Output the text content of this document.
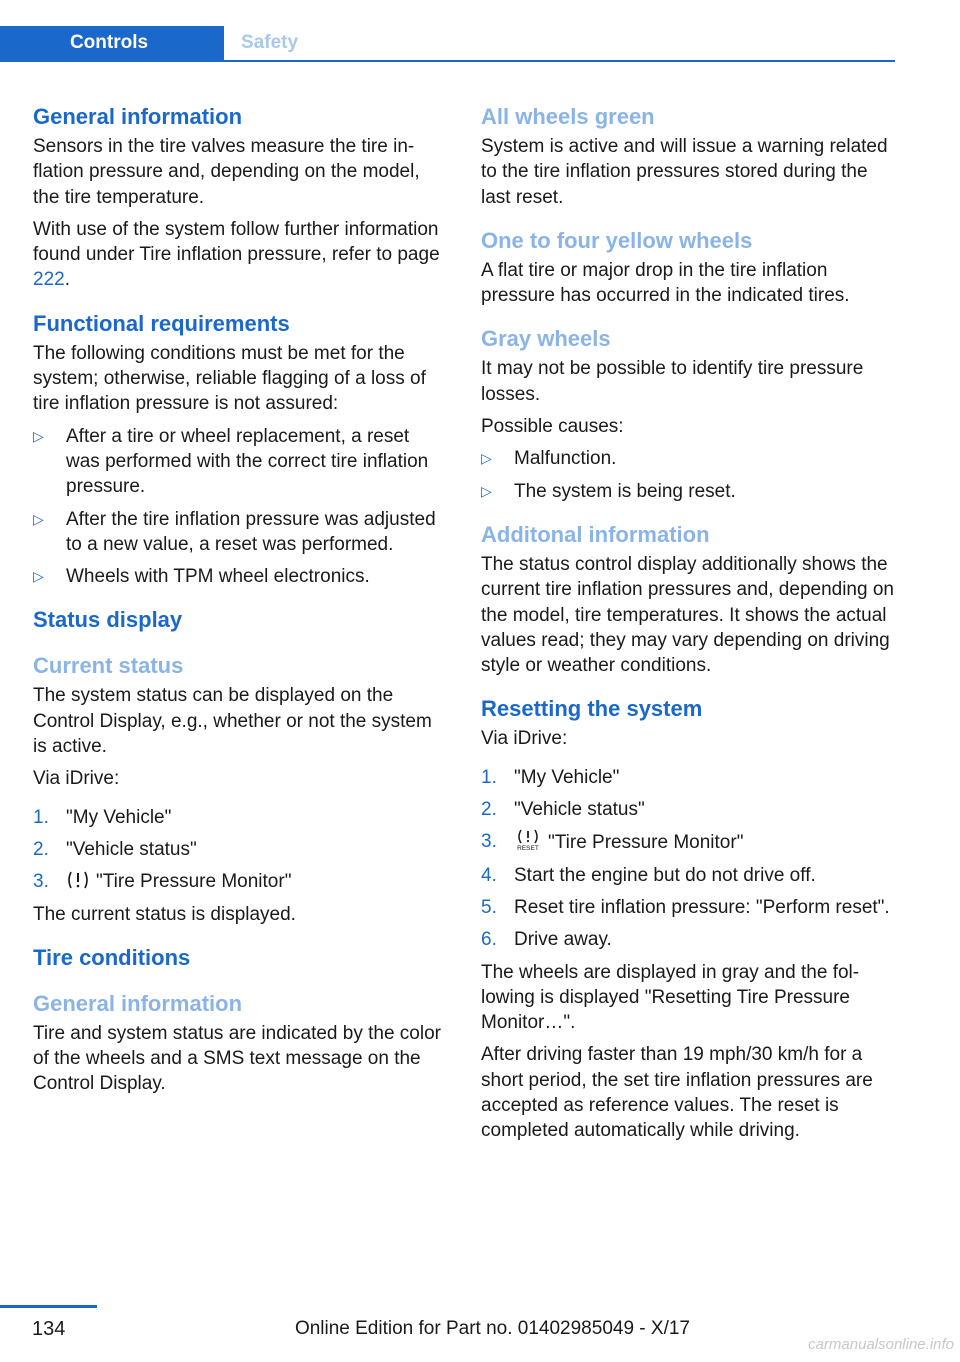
Controls	Safety
General information

Sensors in the tire valves measure the tire inflation pressure and, depending on the model, the tire temperature.

With use of the system follow further information found under Tire inflation pressure, refer to page 222.

Functional requirements

The following conditions must be met for the system; otherwise, reliable flagging of a loss of tire inflation pressure is not assured:

▷ After a tire or wheel replacement, a reset was performed with the correct tire inflation pressure.
▷ After the tire inflation pressure was adjusted to a new value, a reset was performed.
▷ Wheels with TPM wheel electronics.
Status display
Current status

The system status can be displayed on the Control Display, e.g., whether or not the system is active.

Via iDrive:

1. "My Vehicle"
2. "Vehicle status"
3. "Tire Pressure Monitor"

The current status is displayed.

Tire conditions
General information

Tire and system status are indicated by the color of the wheels and a SMS text message on the Control Display.

All wheels green

System is active and will issue a warning related to the tire inflation pressures stored during the last reset.

One to four yellow wheels

A flat tire or major drop in the tire inflation pressure has occurred in the indicated tires.

Gray wheels

It may not be possible to identify tire pressure losses.

Possible causes:

▷ Malfunction.
▷ The system is being reset.
Additonal information

The status control display additionally shows the current tire inflation pressures and, depending on the model, tire temperatures. It shows the actual values read; they may vary depending on driving style or weather conditions.

Resetting the system

Via iDrive:

1. "My Vehicle"
2. "Vehicle status"
3.	RESET "Tire Pressure Monitor"
4. Start the engine but do not drive off.
5. Reset tire inflation pressure: "Perform reset".
6. Drive away.

The wheels are displayed in gray and the following is displayed "Resetting Tire Pressure Monitor…".

After driving faster than 19 mph/30 km/h for a short period, the set tire inflation pressures are accepted as reference values. The reset is completed automatically while driving.

134	Online Edition for Part no. 01402985049 - X/17
carmanualsonline.info
